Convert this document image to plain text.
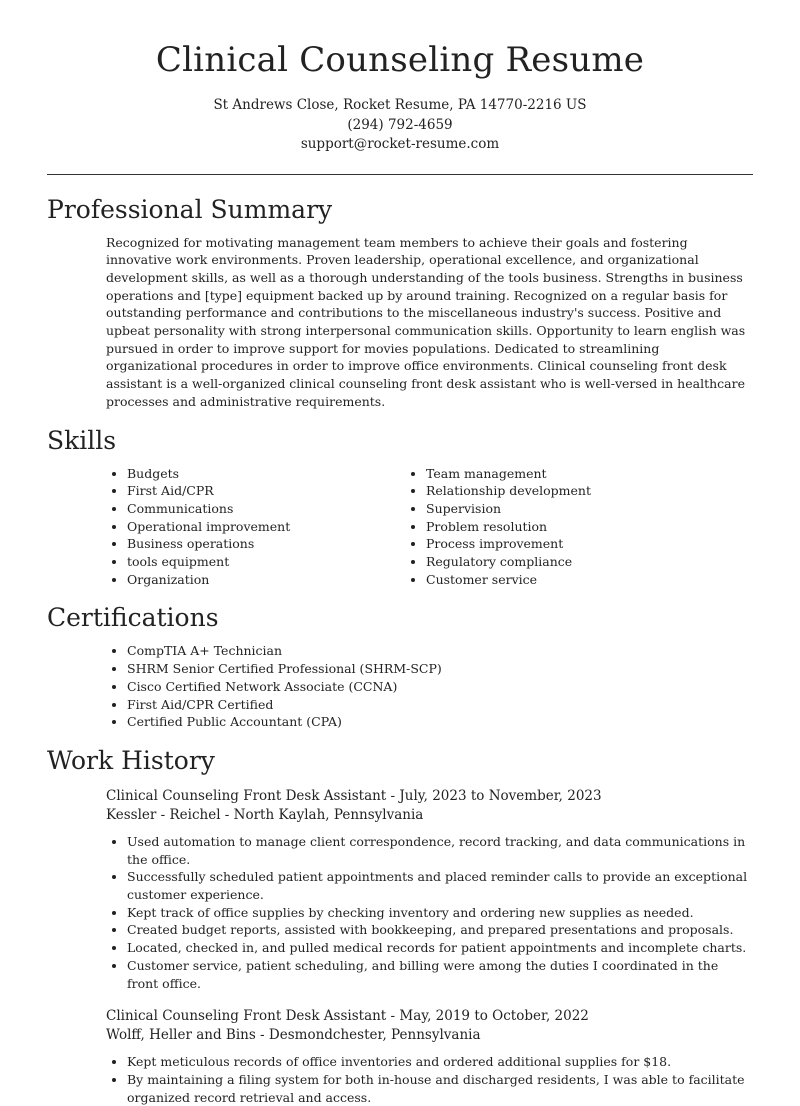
Clinical Counseling Resume
St Andrews Close, Rocket Resume, PA 14770-2216 US
(294) 792-4659
support@rocket-resume.com
Professional Summary

Recognized for motivating management team members to achieve their goals and fostering innovative work environments. Proven leadership, operational excellence, and organizational development skills, as well as a thorough understanding of the tools business. Strengths in business operations and [type] equipment backed up by around training. Recognized on a regular basis for outstanding performance and contributions to the miscellaneous industry's success. Positive and upbeat personality with strong interpersonal communication skills. Opportunity to learn english was pursued in order to improve support for movies populations. Dedicated to streamlining organizational procedures in order to improve office environments. Clinical counseling front desk assistant is a well-organized clinical counseling front desk assistant who is well-versed in healthcare processes and administrative requirements.

Skills
• Budgets
• First Aid/CPR
• Communications
• Operational improvement
• Business operations
• tools equipment
• Organization
• Team management
• Relationship development
• Supervision
• Problem resolution
• Process improvement
• Regulatory compliance
• Customer service
Certifications
• CompTIA A+ Technician
• SHRM Senior Certified Professional (SHRM-SCP)
• Cisco Certified Network Associate (CCNA)
• First Aid/CPR Certified
• Certified Public Accountant (CPA)
Work History
Clinical Counseling Front Desk Assistant - July, 2023 to November, 2023
Kessler - Reichel - North Kaylah, Pennsylvania
• Used automation to manage client correspondence, record tracking, and data communications in the office.
• Successfully scheduled patient appointments and placed reminder calls to provide an exceptional customer experience.
• Kept track of office supplies by checking inventory and ordering new supplies as needed.
• Created budget reports, assisted with bookkeeping, and prepared presentations and proposals.
• Located, checked in, and pulled medical records for patient appointments and incomplete charts.
• Customer service, patient scheduling, and billing were among the duties I coordinated in the front office.
Clinical Counseling Front Desk Assistant - May, 2019 to October, 2022
Wolff, Heller and Bins - Desmondchester, Pennsylvania
• Kept meticulous records of office inventories and ordered additional supplies for $18.
• By maintaining a filing system for both in-house and discharged residents, I was able to facilitate organized record retrieval and access.
